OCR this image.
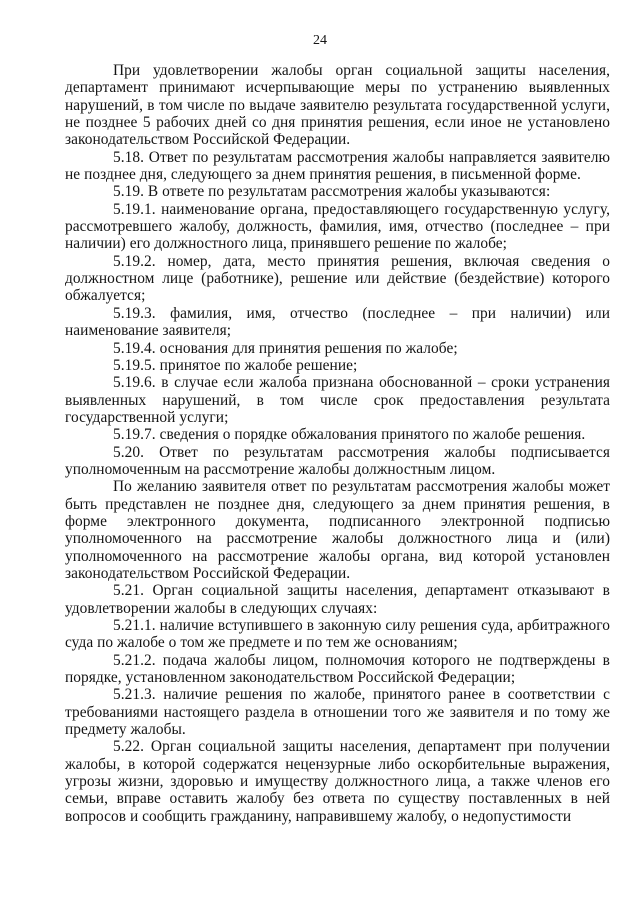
24

При удовлетворении жалобы орган социальной защиты населения, департамент принимают исчерпывающие меры по устранению выявленных нарушений, в том числе по выдаче заявителю результата государственной услуги, не позднее 5 рабочих дней со дня принятия решения, если иное не установлено законодательством Российской Федерации.

5.18. Ответ по результатам рассмотрения жалобы направляется заявителю не позднее дня, следующего за днем принятия решения, в письменной форме.

5.19. В ответе по результатам рассмотрения жалобы указываются:

5.19.1. наименование органа, предоставляющего государственную услугу, рассмотревшего жалобу, должность, фамилия, имя, отчество (последнее – при наличии) его должностного лица, принявшего решение по жалобе;

5.19.2. номер, дата, место принятия решения, включая сведения о должностном лице (работнике), решение или действие (бездействие) которого обжалуется;

5.19.3. фамилия, имя, отчество (последнее – при наличии) или наименование заявителя;

5.19.4. основания для принятия решения по жалобе;

5.19.5. принятое по жалобе решение;

5.19.6. в случае если жалоба признана обоснованной – сроки устранения выявленных нарушений, в том числе срок предоставления результата государственной услуги;

5.19.7. сведения о порядке обжалования принятого по жалобе решения.

5.20. Ответ по результатам рассмотрения жалобы подписывается уполномоченным на рассмотрение жалобы должностным лицом.

По желанию заявителя ответ по результатам рассмотрения жалобы может быть представлен не позднее дня, следующего за днем принятия решения, в форме электронного документа, подписанного электронной подписью уполномоченного на рассмотрение жалобы должностного лица и (или) уполномоченного на рассмотрение жалобы органа, вид которой установлен законодательством Российской Федерации.

5.21. Орган социальной защиты населения, департамент отказывают в удовлетворении жалобы в следующих случаях:

5.21.1. наличие вступившего в законную силу решения суда, арбитражного суда по жалобе о том же предмете и по тем же основаниям;

5.21.2. подача жалобы лицом, полномочия которого не подтверждены в порядке, установленном законодательством Российской Федерации;

5.21.3. наличие решения по жалобе, принятого ранее в соответствии с требованиями настоящего раздела в отношении того же заявителя и по тому же предмету жалобы.

5.22. Орган социальной защиты населения, департамент при получении жалобы, в которой содержатся нецензурные либо оскорбительные выражения, угрозы жизни, здоровью и имуществу должностного лица, а также членов его семьи, вправе оставить жалобу без ответа по существу поставленных в ней вопросов и сообщить гражданину, направившему жалобу, о недопустимости
